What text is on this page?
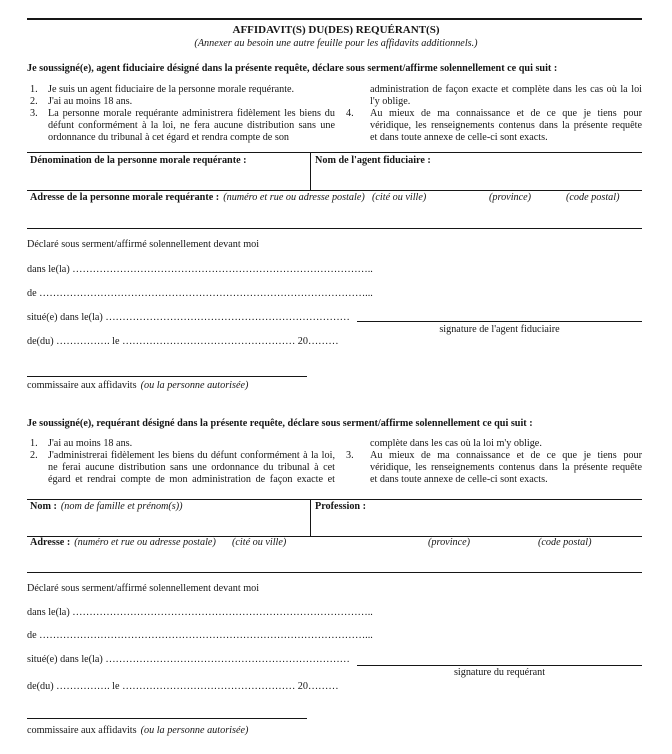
AFFIDAVIT(S) DU(DES) REQUÉRANT(S)
(Annexer au besoin une autre feuille pour les affidavits additionnels.)
Je soussigné(e), agent fiduciaire désigné dans la présente requête, déclare sous serment/affirme solennellement ce qui suit :
1. Je suis un agent fiduciaire de la personne morale requérante.
2. J'ai au moins 18 ans.
3. La personne morale requérante administrera fidèlement les biens du
défunt conformément à la loi, ne fera aucune distribution sans une
ordonnance du tribunal à cet égard et rendra compte de son
administration de façon exacte et complète dans les cas où la loi
l'y oblige.
4. Au mieux de ma connaissance et de ce que je tiens pour
véridique, les renseignements contenus dans la présente requête
et dans toute annexe de celle-ci sont exacts.
Dénomination de la personne morale requérante :	Nom de l'agent fiduciaire :
Adresse de la personne morale requérante : (numéro et rue ou adresse postale) (cité ou ville)	(province)	(code postal)
Déclaré sous serment/affirmé solennellement devant moi
dans le(la) ……………………………………………………………………………..
de ……………………………………………………………………………………...
situé(e) dans le(la) ………………………………………………………………
de(du) ……………. le …………………………………………… 20………
signature de l'agent fiduciaire
commissaire aux affidavits (ou la personne autorisée)
Je soussigné(e), requérant désigné dans la présente requête, déclare sous serment/affirme solennellement ce qui suit :
1. J'ai au moins 18 ans.
2. J'administrerai fidèlement les biens du défunt conformément à la loi,
ne ferai aucune distribution sans une ordonnance du tribunal à cet
égard et rendrai compte de mon administration de façon exacte et
complète dans les cas où la loi m'y oblige.
3. Au mieux de ma connaissance et de ce que je tiens pour
véridique, les renseignements contenus dans la présente requête
et dans toute annexe de celle-ci sont exacts.
Nom : (nom de famille et prénom(s))	Profession :
Adresse : (numéro et rue ou adresse postale) (cité ou ville)	(province)	(code postal)
Déclaré sous serment/affirmé solennellement devant moi
dans le(la) ……………………………………………………………………………..
de ……………………………………………………………………………………...
situé(e) dans le(la) ………………………………………………………………
de(du) ……………. le …………………………………………… 20………
signature du requérant
commissaire aux affidavits (ou la personne autorisée)
